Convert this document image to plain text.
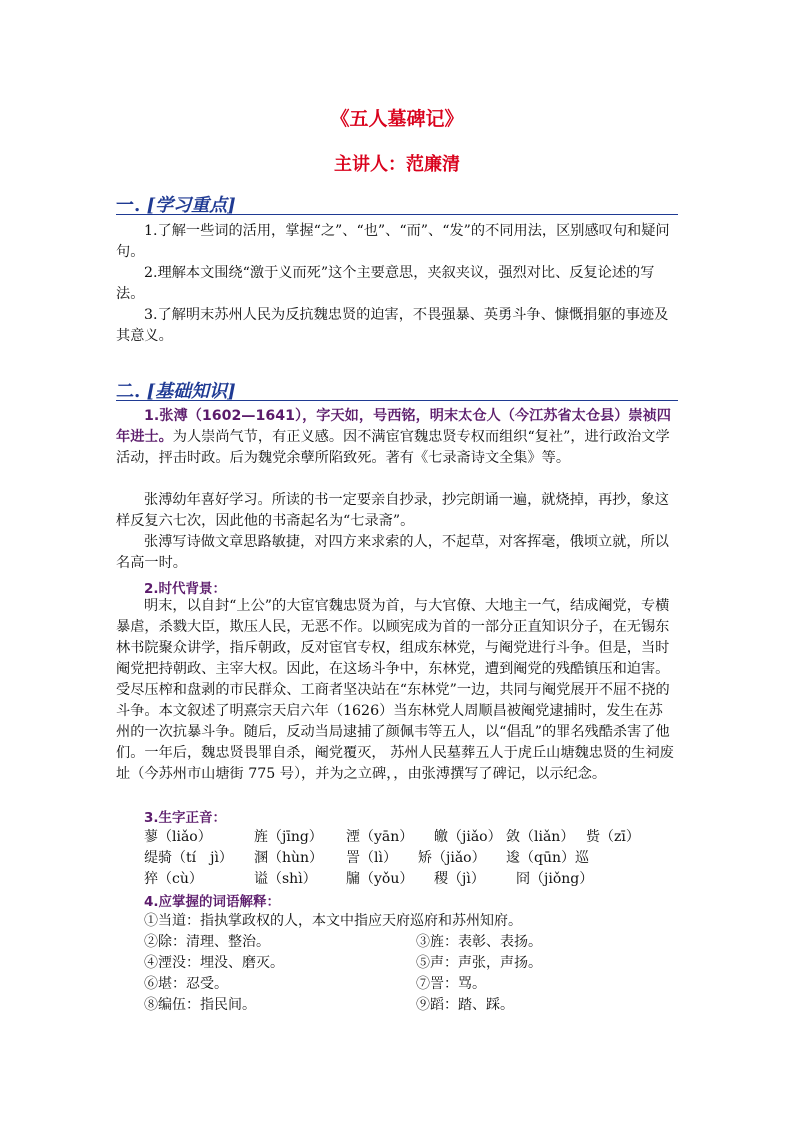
《五人墓碑记》
主讲人：范廉清
一. [学习重点]
1.了解一些词的活用，掌握“之”、“也”、“而”、“发”的不同用法，区别感叹句和疑问句。
2.理解本文围绕“激于义而死”这个主要意思，夹叙夹议，强烈对比、反复论述的写法。
3.了解明末苏州人民为反抗魏忠贤的迫害，不畏强暴、英勇斗争、慷慨捐躯的事迹及其意义。
二. [基础知识]
1.张溥（1602—1641），字天如，号西铭，明末太仓人（今江苏省太仓县）崇祯四年进士。为人崇尚气节，有正义感。因不满宦官魏忠贤专权而组织“复社”，进行政治文学活动，抨击时政。后为魏党余孽所陷致死。著有《七录斋诗文全集》等。
张溥幼年喜好学习。所读的书一定要亲自抄录，抄完朗诵一遍，就烧掉，再抄，象这样反复六七次，因此他的书斋起名为“七录斋”。
张溥写诗做文章思路敏捷，对四方来求索的人，不起草，对客挥毫，俄顷立就，所以名高一时。
2.时代背景：
明末，以自封“上公”的大宦官魏忠贤为首，与大官僚、大地主一气，结成阉党，专横暴虐，杀戮大臣，欺压人民，无恶不作。以顾宪成为首的一部分正直知识分子，在无锡东林书院聚众讲学，指斥朝政，反对宦官专权，组成东林党，与阉党进行斗争。但是，当时阉党把持朝政、主宰大权。因此，在这场斗争中，东林党，遭到阉党的残酷镇压和迫害。受尽压榨和盘剥的市民群众、工商者坚决站在“东林党”一边，共同与阉党展开不屈不挠的斗争。本文叙述了明熹宗天启六年（1626）当东林党人周顺昌被阉党逮捕时，发生在苏州的一次抗暴斗争。随后，反动当局逮捕了颜佩韦等五人，以“倡乱”的罪名残酷杀害了他们。一年后，魏忠贤畏罪自杀，阉党覆灭， 苏州人民墓葬五人于虎丘山塘魏忠贤的生祠废址（今苏州市山塘街 775 号），并为之立碑，，由张溥撰写了碑记，以示纪念。
3.生字正音：
蓼（liǎo）	旌（jīng） 湮（yān） 皦（jiǎo） 敛（liǎn） 赀（zī）
缇骑（tí　jì） 溷（hùn） 詈（lì） 矫（jiǎo） 逡（qūn）巡
猝（cù）	谥（shì） 牖（yǒu） 稷（jì） 冏（jiǒng）
4.应掌握的词语解释：
①当道：指执掌政权的人，本文中指应天府巡府和苏州知府。
②除：清理、整治。	③旌：表彰、表扬。
④湮没：埋没、磨灭。	⑤声：声张，声扬。
⑥堪：忍受。	⑦詈：骂。
⑧编伍：指民间。	⑨蹈：踏、踩。
